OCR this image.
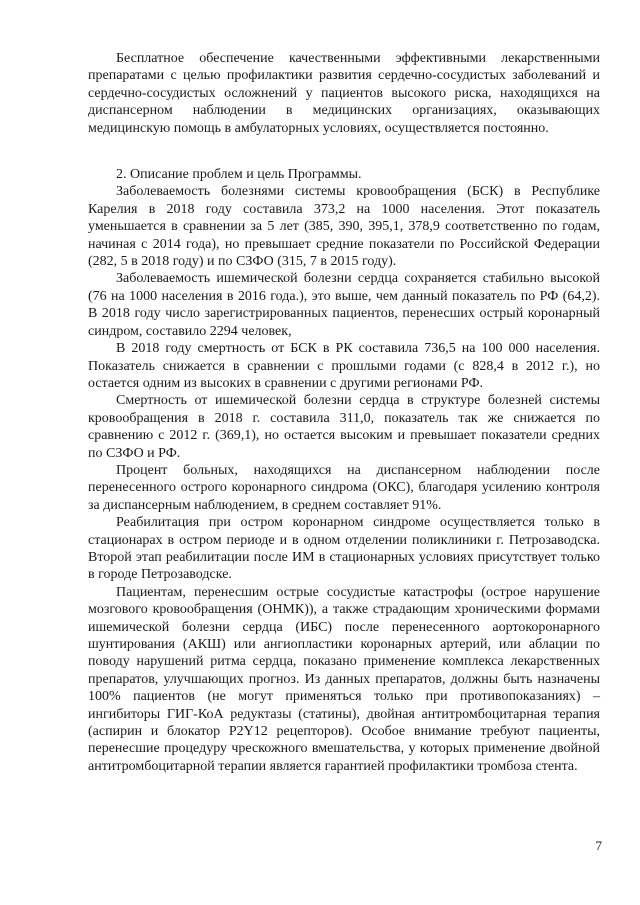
Бесплатное обеспечение качественными эффективными лекарственными препаратами с целью профилактики развития сердечно-сосудистых заболеваний и сердечно-сосудистых осложнений у пациентов высокого риска, находящихся на диспансерном наблюдении в медицинских организациях, оказывающих медицинскую помощь в амбулаторных условиях, осуществляется постоянно.

2. Описание проблем и цель Программы.

Заболеваемость болезнями системы кровообращения (БСК) в Республике Карелия в 2018 году составила 373,2 на 1000 населения. Этот показатель уменьшается в сравнении за 5 лет (385, 390, 395,1, 378,9 соответственно по годам, начиная с 2014 года), но превышает средние показатели по Российской Федерации (282, 5 в 2018 году) и по СЗФО (315, 7 в 2015 году).

Заболеваемость ишемической болезни сердца сохраняется стабильно высокой (76 на 1000 населения в 2016 года.), это выше, чем данный показатель по РФ (64,2). В 2018 году число зарегистрированных пациентов, перенесших острый коронарный синдром, составило 2294 человек,

В 2018 году смертность от БСК в РК составила 736,5 на 100 000 населения. Показатель снижается в сравнении с прошлыми годами (с 828,4 в 2012 г.), но остается одним из высоких в сравнении с другими регионами РФ.

Смертность от ишемической болезни сердца в структуре болезней системы кровообращения в 2018 г. составила 311,0, показатель так же снижается по сравнению с 2012 г. (369,1), но остается высоким и превышает показатели средних по СЗФО и РФ.

Процент больных, находящихся на диспансерном наблюдении после перенесенного острого коронарного синдрома (ОКС), благодаря усилению контроля за диспансерным наблюдением, в среднем составляет 91%.

Реабилитация при остром коронарном синдроме осуществляется только в стационарах в остром периоде и в одном отделении поликлиники г. Петрозаводска. Второй этап реабилитации после ИМ в стационарных условиях присутствует только в городе Петрозаводске.

Пациентам, перенесшим острые сосудистые катастрофы (острое нарушение мозгового кровообращения (ОНМК)), а также страдающим хроническими формами ишемической болезни сердца (ИБС) после перенесенного аортокоронарного шунтирования (АКШ) или ангиопластики коронарных артерий, или аблации по поводу нарушений ритма сердца, показано применение комплекса лекарственных препаратов, улучшающих прогноз. Из данных препаратов, должны быть назначены 100% пациентов (не могут применяться только при противопоказаниях) – ингибиторы ГИГ-КоА редуктазы (статины), двойная антитромбоцитарная терапия (аспирин и блокатор P2Y12 рецепторов). Особое внимание требуют пациенты, перенесшие процедуру чрескожного вмешательства, у которых применение двойной антитромбоцитарной терапии является гарантией профилактики тромбоза стента.

7
